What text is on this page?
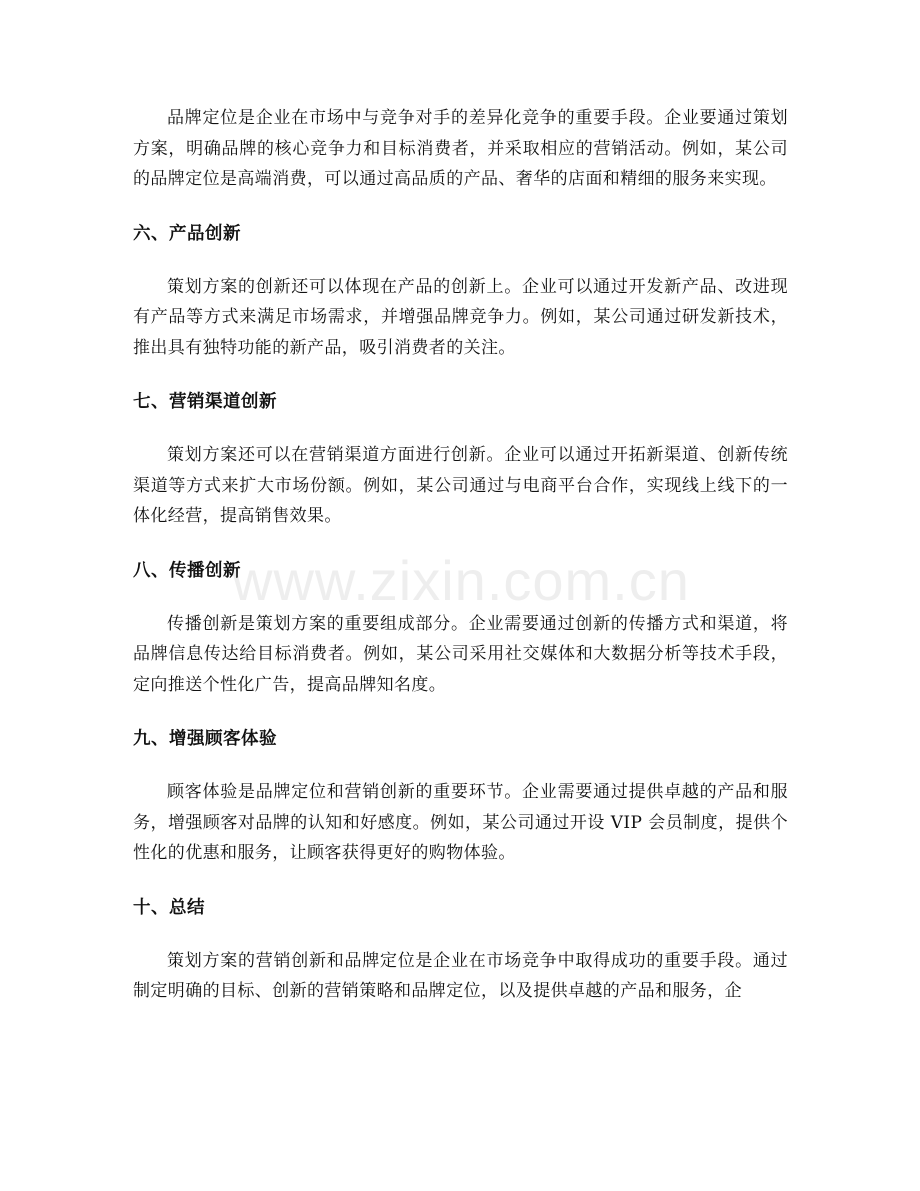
品牌定位是企业在市场中与竞争对手的差异化竞争的重要手段。企业要通过策划方案，明确品牌的核心竞争力和目标消费者，并采取相应的营销活动。例如，某公司的品牌定位是高端消费，可以通过高品质的产品、奢华的店面和精细的服务来实现。

六、产品创新

策划方案的创新还可以体现在产品的创新上。企业可以通过开发新产品、改进现有产品等方式来满足市场需求，并增强品牌竞争力。例如，某公司通过研发新技术，推出具有独特功能的新产品，吸引消费者的关注。

七、营销渠道创新

策划方案还可以在营销渠道方面进行创新。企业可以通过开拓新渠道、创新传统渠道等方式来扩大市场份额。例如，某公司通过与电商平台合作，实现线上线下的一体化经营，提高销售效果。

八、传播创新

传播创新是策划方案的重要组成部分。企业需要通过创新的传播方式和渠道，将品牌信息传达给目标消费者。例如，某公司采用社交媒体和大数据分析等技术手段，定向推送个性化广告，提高品牌知名度。

九、增强顾客体验

顾客体验是品牌定位和营销创新的重要环节。企业需要通过提供卓越的产品和服务，增强顾客对品牌的认知和好感度。例如，某公司通过开设 VIP 会员制度，提供个性化的优惠和服务，让顾客获得更好的购物体验。

十、总结

策划方案的营销创新和品牌定位是企业在市场竞争中取得成功的重要手段。通过制定明确的目标、创新的营销策略和品牌定位，以及提供卓越的产品和服务，企

www.zixin.com.cn
